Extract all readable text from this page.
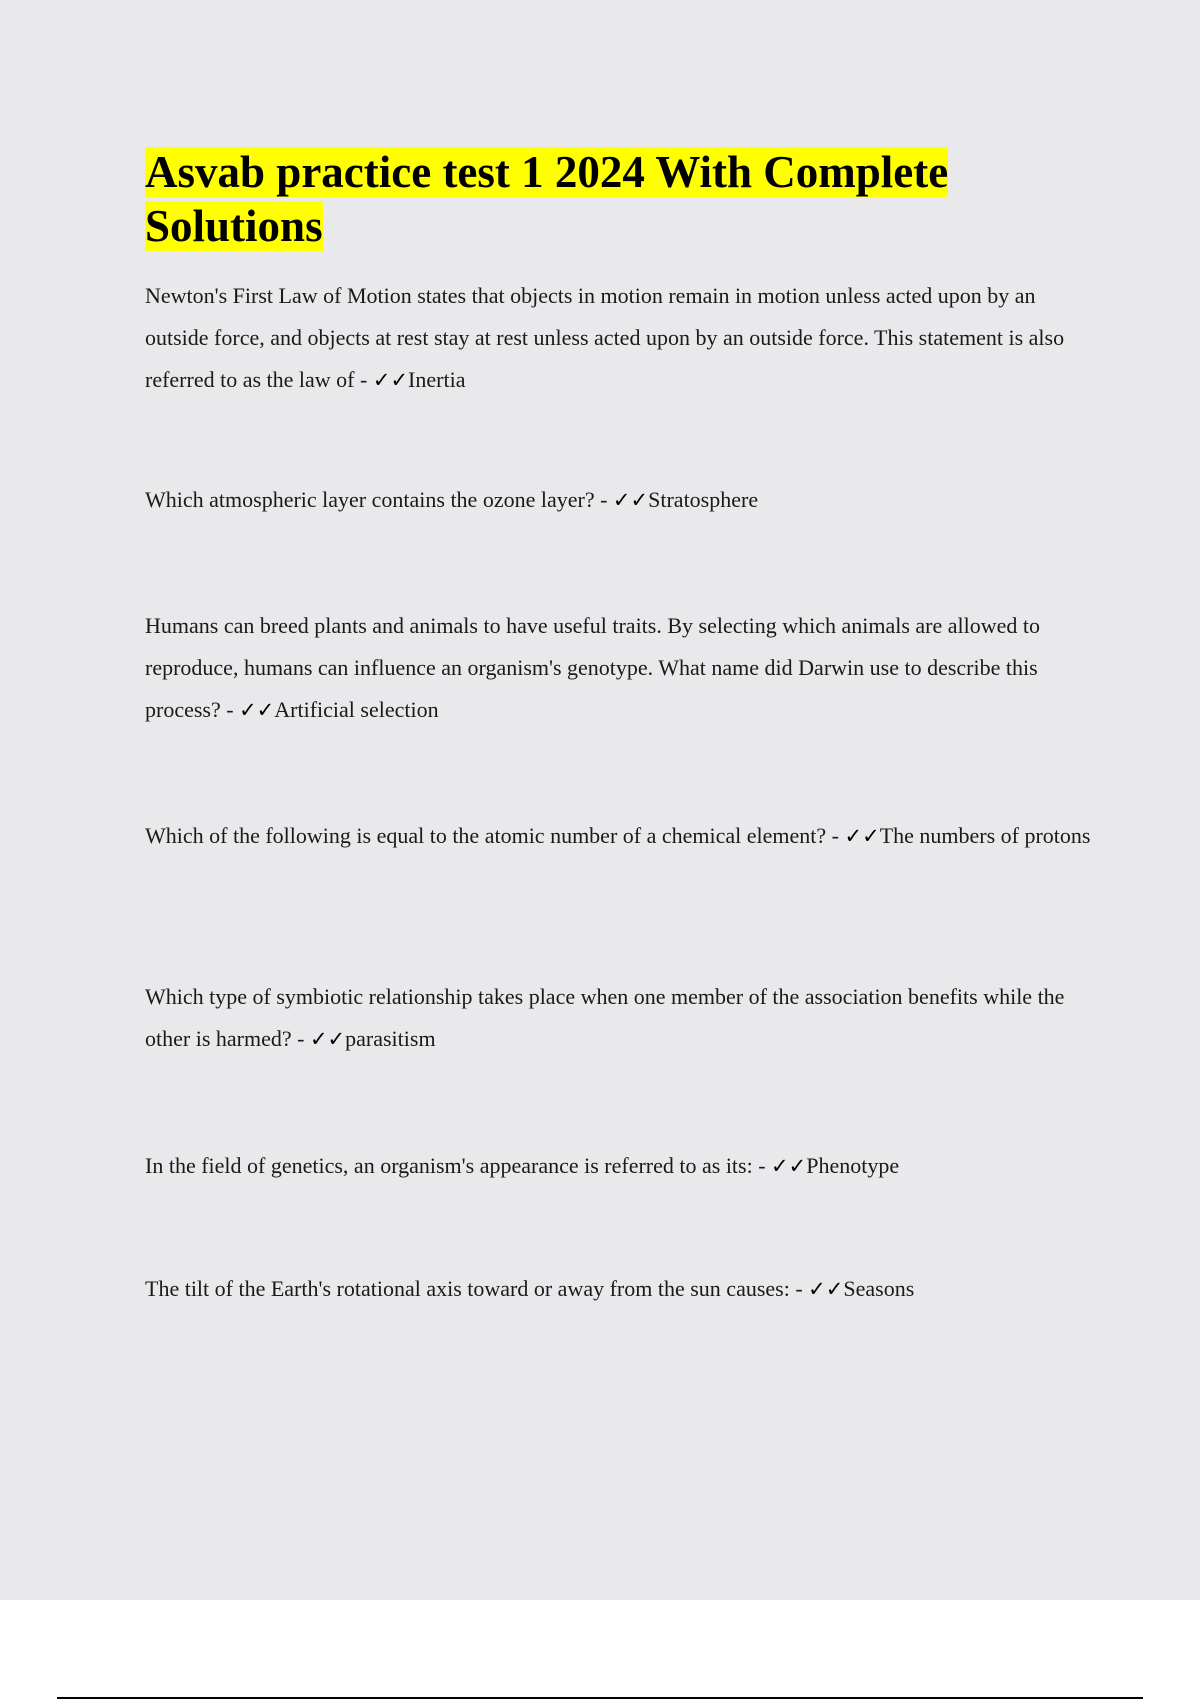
Asvab practice test 1 2024 With Complete Solutions

Newton's First Law of Motion states that objects in motion remain in motion unless acted upon by an outside force, and objects at rest stay at rest unless acted upon by an outside force. This statement is also referred to as the law of - ✓✓Inertia

Which atmospheric layer contains the ozone layer? - ✓✓Stratosphere

Humans can breed plants and animals to have useful traits. By selecting which animals are allowed to reproduce, humans can influence an organism's genotype. What name did Darwin use to describe this process? - ✓✓Artificial selection

Which of the following is equal to the atomic number of a chemical element? - ✓✓The numbers of protons

Which type of symbiotic relationship takes place when one member of the association benefits while the other is harmed? - ✓✓parasitism

In the field of genetics, an organism's appearance is referred to as its: - ✓✓Phenotype

The tilt of the Earth's rotational axis toward or away from the sun causes: - ✓✓Seasons
